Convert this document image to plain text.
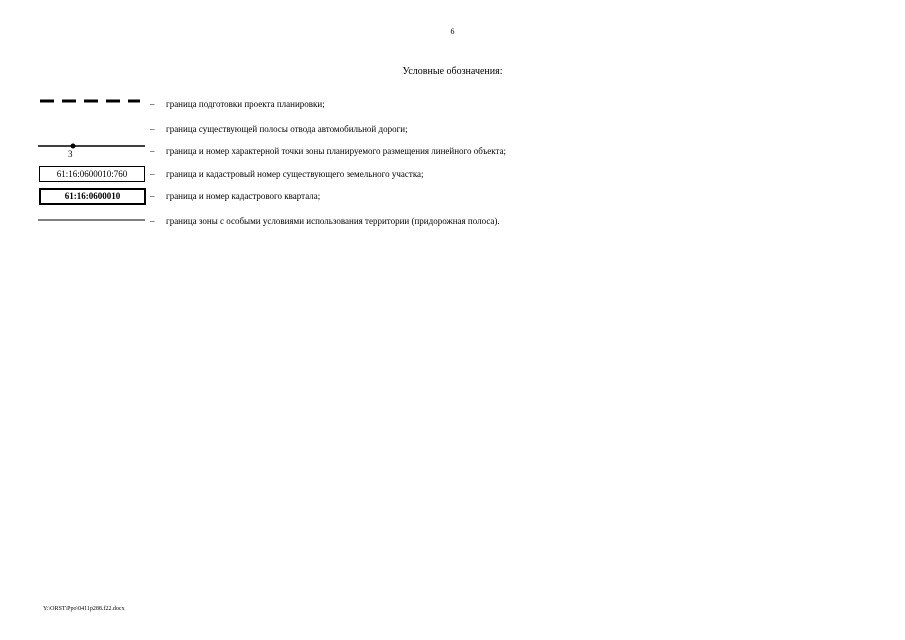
6
Условные обозначения:
– граница подготовки проекта планировки;
– граница существующей полосы отвода автомобильной дороги;
3	– граница и номер характерной точки зоны планируемого размещения линейного объекта;
61:16:0600010:760	– граница и кадастровый номер существующего земельного участка;
61:16:0600010	– граница и номер кадастрового квартала;
– граница зоны с особыми условиями использования территории (придорожная полоса).
Y:\ORST\Ppo\0411p288.f22.docx
